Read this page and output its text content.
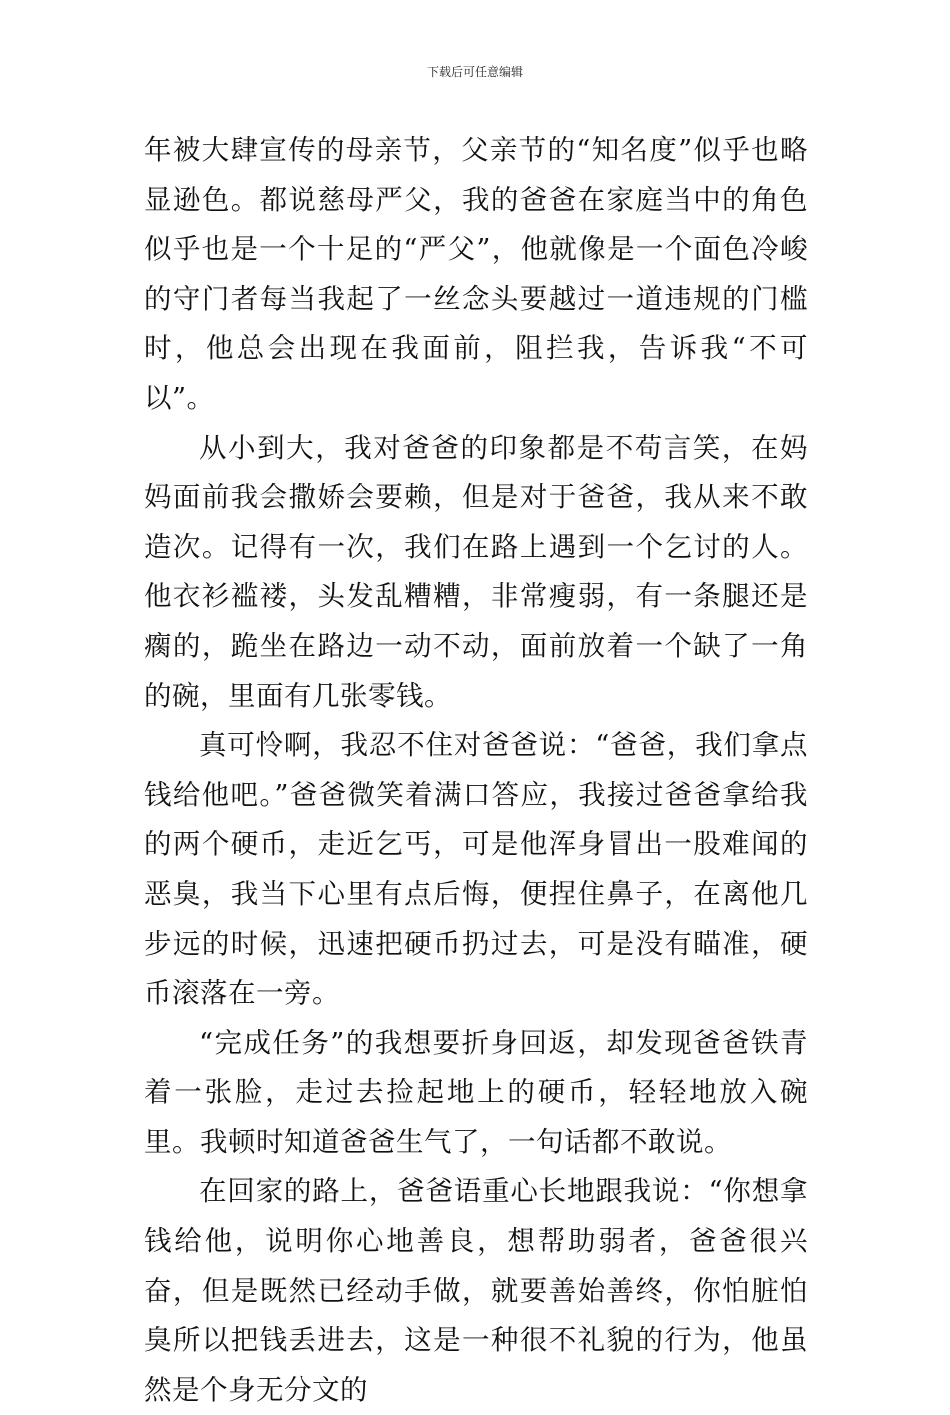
下载后可任意编辑

年被大肆宣传的母亲节，父亲节的“知名度”似乎也略显逊色。都说慈母严父，我的爸爸在家庭当中的角色似乎也是一个十足的“严父”，他就像是一个面色冷峻的守门者每当我起了一丝念头要越过一道违规的门槛时，他总会出现在我面前，阻拦我，告诉我“不可以”。

从小到大，我对爸爸的印象都是不苟言笑，在妈妈面前我会撒娇会要赖，但是对于爸爸，我从来不敢造次。记得有一次，我们在路上遇到一个乞讨的人。他衣衫褴褛，头发乱糟糟，非常瘦弱，有一条腿还是瘸的，跪坐在路边一动不动，面前放着一个缺了一角的碗，里面有几张零钱。

真可怜啊，我忍不住对爸爸说：“爸爸，我们拿点钱给他吧。”爸爸微笑着满口答应，我接过爸爸拿给我的两个硬币，走近乞丐，可是他浑身冒出一股难闻的恶臭，我当下心里有点后悔，便捏住鼻子，在离他几步远的时候，迅速把硬币扔过去，可是没有瞄准，硬币滚落在一旁。

“完成任务”的我想要折身回返，却发现爸爸铁青着一张脸，走过去捡起地上的硬币，轻轻地放入碗里。我顿时知道爸爸生气了，一句话都不敢说。

在回家的路上，爸爸语重心长地跟我说：“你想拿钱给他，说明你心地善良，想帮助弱者，爸爸很兴奋，但是既然已经动手做，就要善始善终，你怕脏怕臭所以把钱丢进去，这是一种很不礼貌的行为，他虽然是个身无分文的
